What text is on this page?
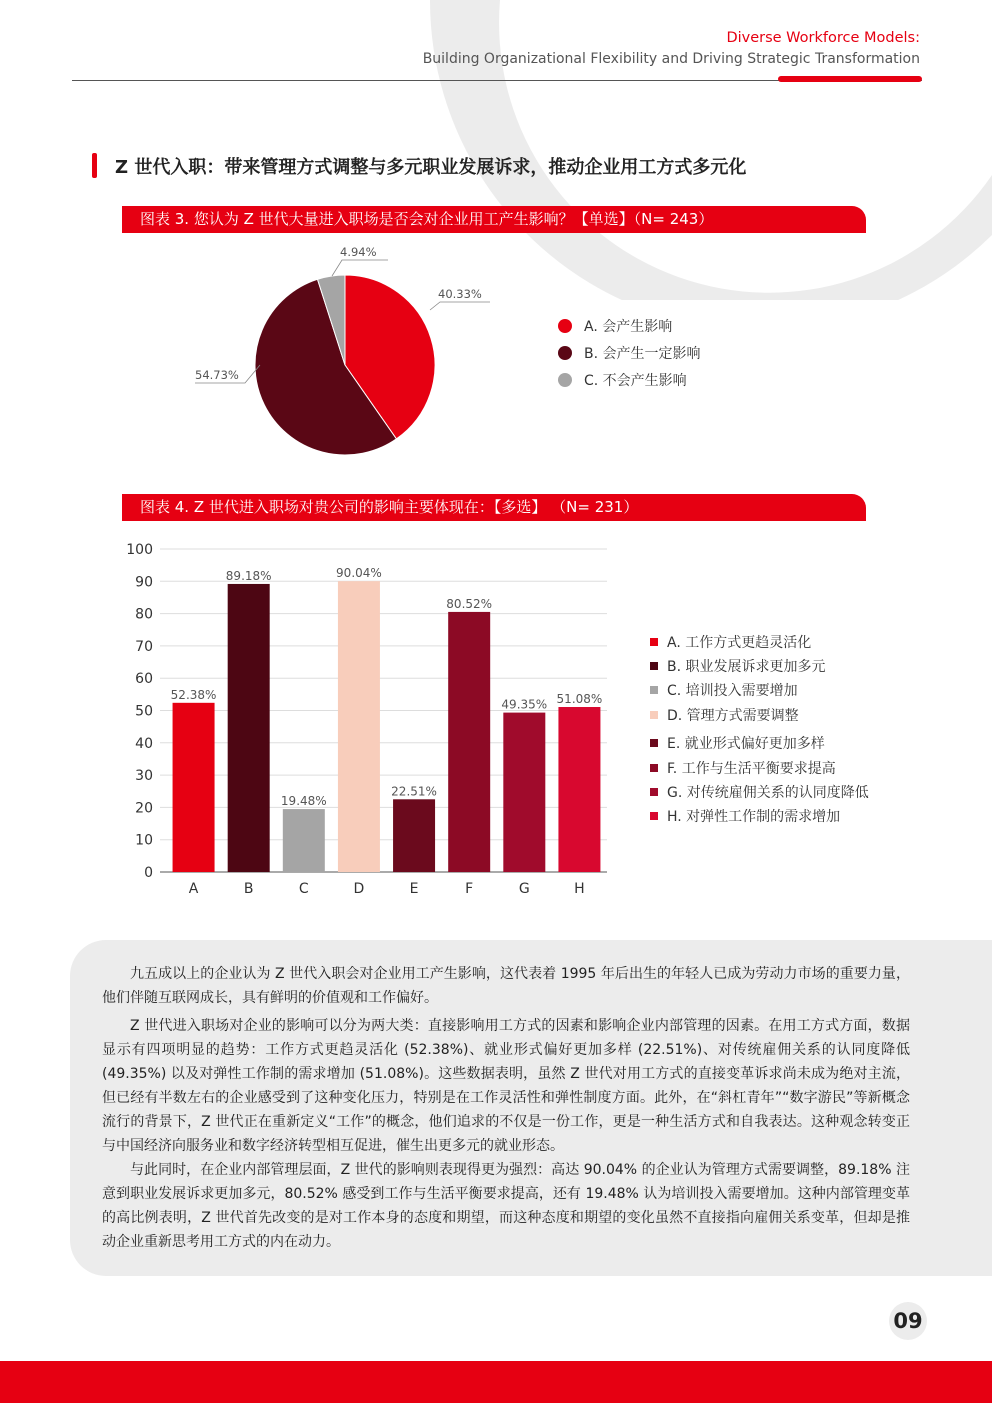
Diverse Workforce Models:
Building Organizational Flexibility and Driving Strategic Transformation
Z 世代入职：带来管理方式调整与多元职业发展诉求，推动企业用工方式多元化
图表 3. 您认为 Z 世代大量进入职场是否会对企业用工产生影响？【单选】（N= 243）
40.33%
54.73%
4.94%
A. 会产生影响
B. 会产生一定影响
C. 不会产生影响
图表 4. Z 世代进入职场对贵公司的影响主要体现在：【多选】 （N= 231）
0
10
20
30
40
50
60
70
80
90
100
52.38%
A
89.18%
B
19.48%
C
90.04%
D
22.51%
E
80.52%
F
49.35%
G
51.08%
H
A. 工作方式更趋灵活化
B. 职业发展诉求更加多元
C. 培训投入需要增加
D. 管理方式需要调整
E. 就业形式偏好更加多样
F. 工作与生活平衡要求提高
G. 对传统雇佣关系的认同度降低
H. 对弹性工作制的需求增加
九五成以上的企业认为 Z 世代入职会对企业用工产生影响，这代表着 1995 年后出生的年轻人已成为劳动力市场的重要力量，他们伴随互联网成长，具有鲜明的价值观和工作偏好。
Z 世代进入职场对企业的影响可以分为两大类：直接影响用工方式的因素和影响企业内部管理的因素。在用工方式方面，数据显示有四项明显的趋势：工作方式更趋灵活化 (52.38%)、就业形式偏好更加多样 (22.51%)、对传统雇佣关系的认同度降低 (49.35%) 以及对弹性工作制的需求增加 (51.08%)。这些数据表明，虽然 Z 世代对用工方式的直接变革诉求尚未成为绝对主流，但已经有半数左右的企业感受到了这种变化压力，特别是在工作灵活性和弹性制度方面。此外，在“斜杠青年”“数字游民”等新概念流行的背景下，Z 世代正在重新定义“工作”的概念，他们追求的不仅是一份工作，更是一种生活方式和自我表达。这种观念转变正与中国经济向服务业和数字经济转型相互促进，催生出更多元的就业形态。
与此同时，在企业内部管理层面，Z 世代的影响则表现得更为强烈：高达 90.04% 的企业认为管理方式需要调整，89.18% 注意到职业发展诉求更加多元，80.52% 感受到工作与生活平衡要求提高，还有 19.48% 认为培训投入需要增加。这种内部管理变革的高比例表明，Z 世代首先改变的是对工作本身的态度和期望，而这种态度和期望的变化虽然不直接指向雇佣关系变革，但却是推动企业重新思考用工方式的内在动力。
09
